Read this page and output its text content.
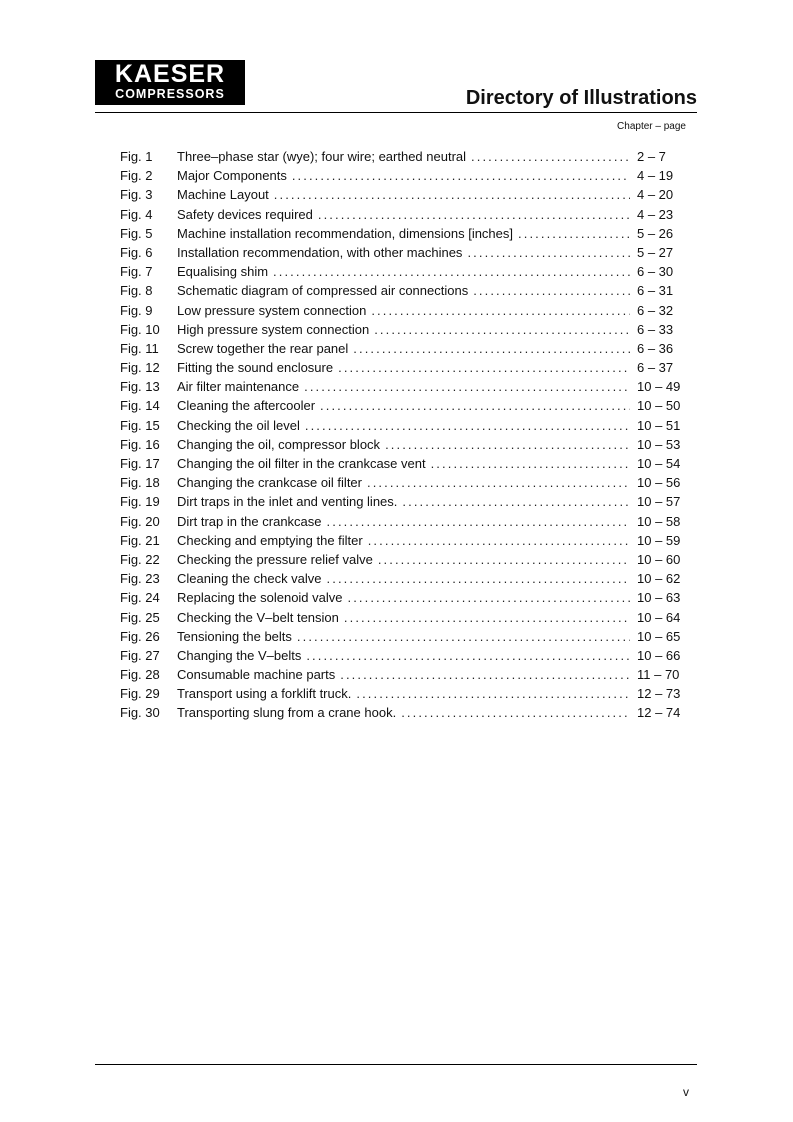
KAESER
COMPRESSORS	Directory of Illustrations
Chapter – page
Fig. 1	Three–phase star (wye); four wire; earthed neutral .....	2 – 7
Fig. 2	Major Components .....	4 – 19
Fig. 3	Machine Layout .....	4 – 20
Fig. 4	Safety devices required .....	4 – 23
Fig. 5	Machine installation recommendation, dimensions [inches] .....	5 – 26
Fig. 6	Installation recommendation, with other machines .....	5 – 27
Fig. 7	Equalising shim .....	6 – 30
Fig. 8	Schematic diagram of compressed air connections .....	6 – 31
Fig. 9	Low pressure system connection .....	6 – 32
Fig. 10	High pressure system connection .....	6 – 33
Fig. 11	Screw together the rear panel .....	6 – 36
Fig. 12	Fitting the sound enclosure .....	6 – 37
Fig. 13	Air filter maintenance .....	10 – 49
Fig. 14	Cleaning the aftercooler .....	10 – 50
Fig. 15	Checking the oil level .....	10 – 51
Fig. 16	Changing the oil, compressor block .....	10 – 53
Fig. 17	Changing the oil filter in the crankcase vent .....	10 – 54
Fig. 18	Changing the crankcase oil filter .....	10 – 56
Fig. 19	Dirt traps in the inlet and venting lines. .....	10 – 57
Fig. 20	Dirt trap in the crankcase .....	10 – 58
Fig. 21	Checking and emptying the filter .....	10 – 59
Fig. 22	Checking the pressure relief valve .....	10 – 60
Fig. 23	Cleaning the check valve .....	10 – 62
Fig. 24	Replacing the solenoid valve .....	10 – 63
Fig. 25	Checking the V–belt tension .....	10 – 64
Fig. 26	Tensioning the belts .....	10 – 65
Fig. 27	Changing the V–belts .....	10 – 66
Fig. 28	Consumable machine parts .....	11 – 70
Fig. 29	Transport using a forklift truck. .....	12 – 73
Fig. 30	Transporting slung from a crane hook. .....	12 – 74
v
